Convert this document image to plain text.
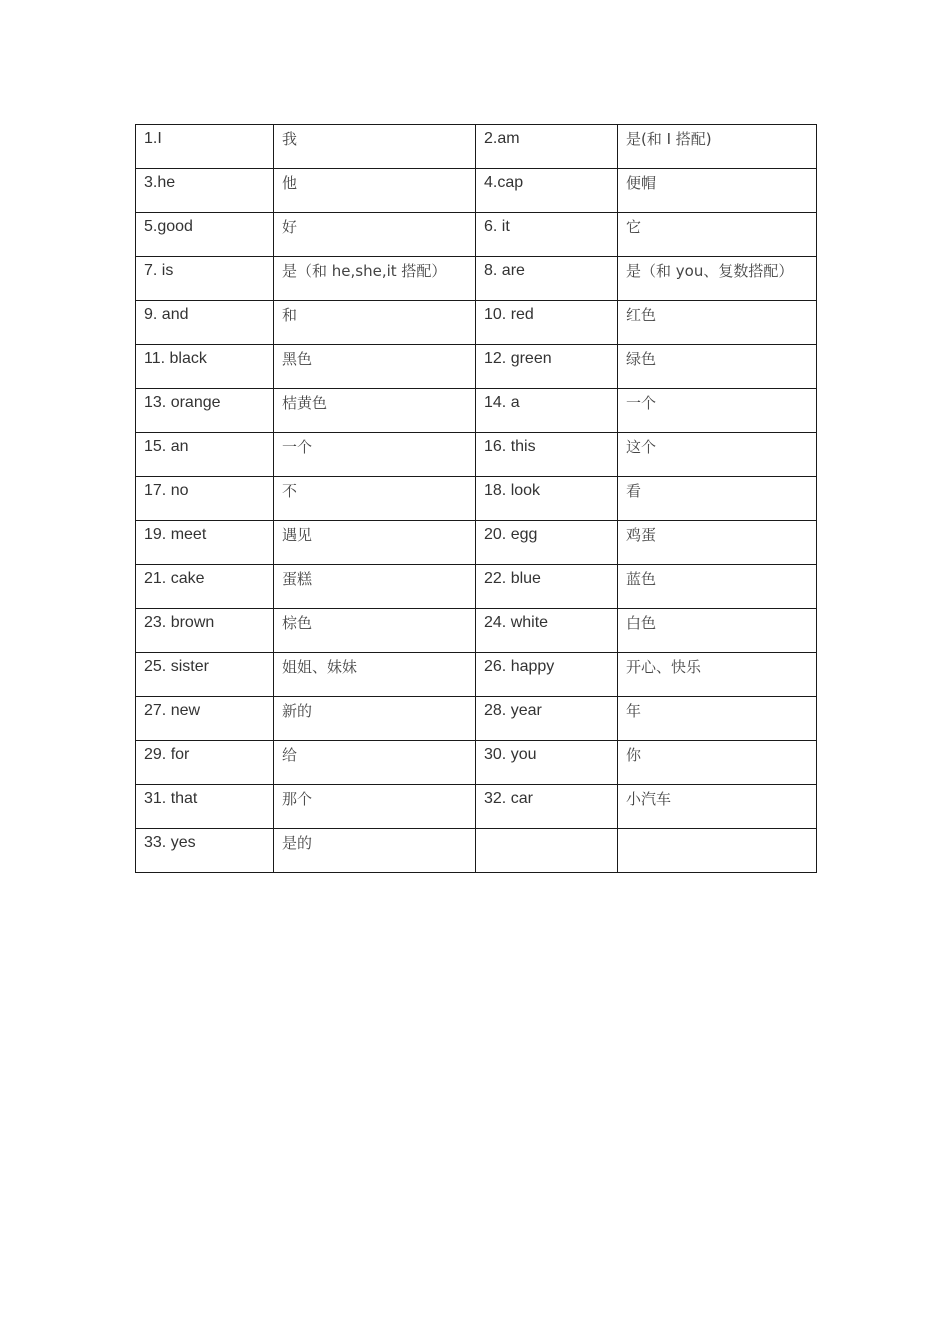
1.I	我	2.am	是(和 I 搭配)
3.he	他	4.cap	便帽
5.good	好	6. it	它
7. is	是（和 he,she,it 搭配）	8. are	是（和 you、复数搭配）
9. and	和	10. red	红色
11. black	黑色	12. green	绿色
13. orange	桔黄色	14. a	一个
15. an	一个	16. this	这个
17. no	不	18. look	看
19. meet	遇见	20. egg	鸡蛋
21. cake	蛋糕	22. blue	蓝色
23. brown	棕色	24. white	白色
25. sister	姐姐、妹妹	26. happy	开心、快乐
27. new	新的	28. year	年
29. for	给	30. you	你
31. that	那个	32. car	小汽车
33. yes	是的		
